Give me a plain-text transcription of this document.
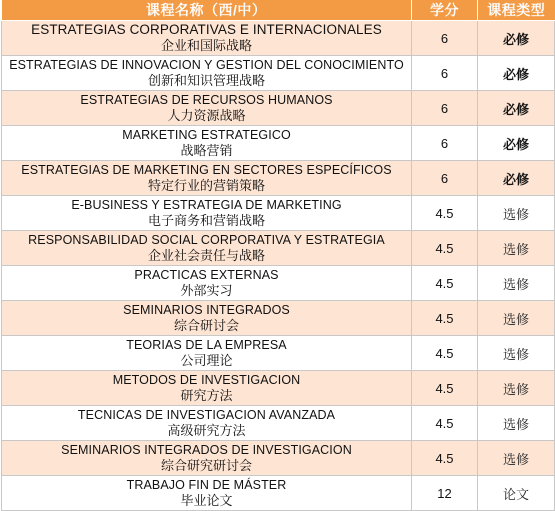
课程名称（西/中）	学分	课程类型

ESTRATEGIAS CORPORATIVAS E INTERNACIONALES
企业和国际战略	6	必修

ESTRATEGIAS DE INNOVACION Y GESTION DEL CONOCIMIENTO
创新和知识管理战略	6	必修

ESTRATEGIAS DE RECURSOS HUMANOS
人力资源战略	6	必修

MARKETING ESTRATEGICO
战略营销	6	必修

ESTRATEGIAS DE MARKETING EN SECTORES ESPECÍFICOS
特定行业的营销策略	6	必修

E-BUSINESS Y ESTRATEGIA DE MARKETING
电子商务和营销战略	4.5	选修

RESPONSABILIDAD SOCIAL CORPORATIVA Y ESTRATEGIA
企业社会责任与战略	4.5	选修

PRACTICAS EXTERNAS
外部实习	4.5	选修

SEMINARIOS INTEGRADOS
综合研讨会	4.5	选修

TEORIAS DE LA EMPRESA
公司理论	4.5	选修

METODOS DE INVESTIGACION
研究方法	4.5	选修

TECNICAS DE INVESTIGACION AVANZADA
高级研究方法	4.5	选修

SEMINARIOS INTEGRADOS DE INVESTIGACION
综合研究研讨会	4.5	选修

TRABAJO FIN DE MÁSTER
毕业论文	12	论文
